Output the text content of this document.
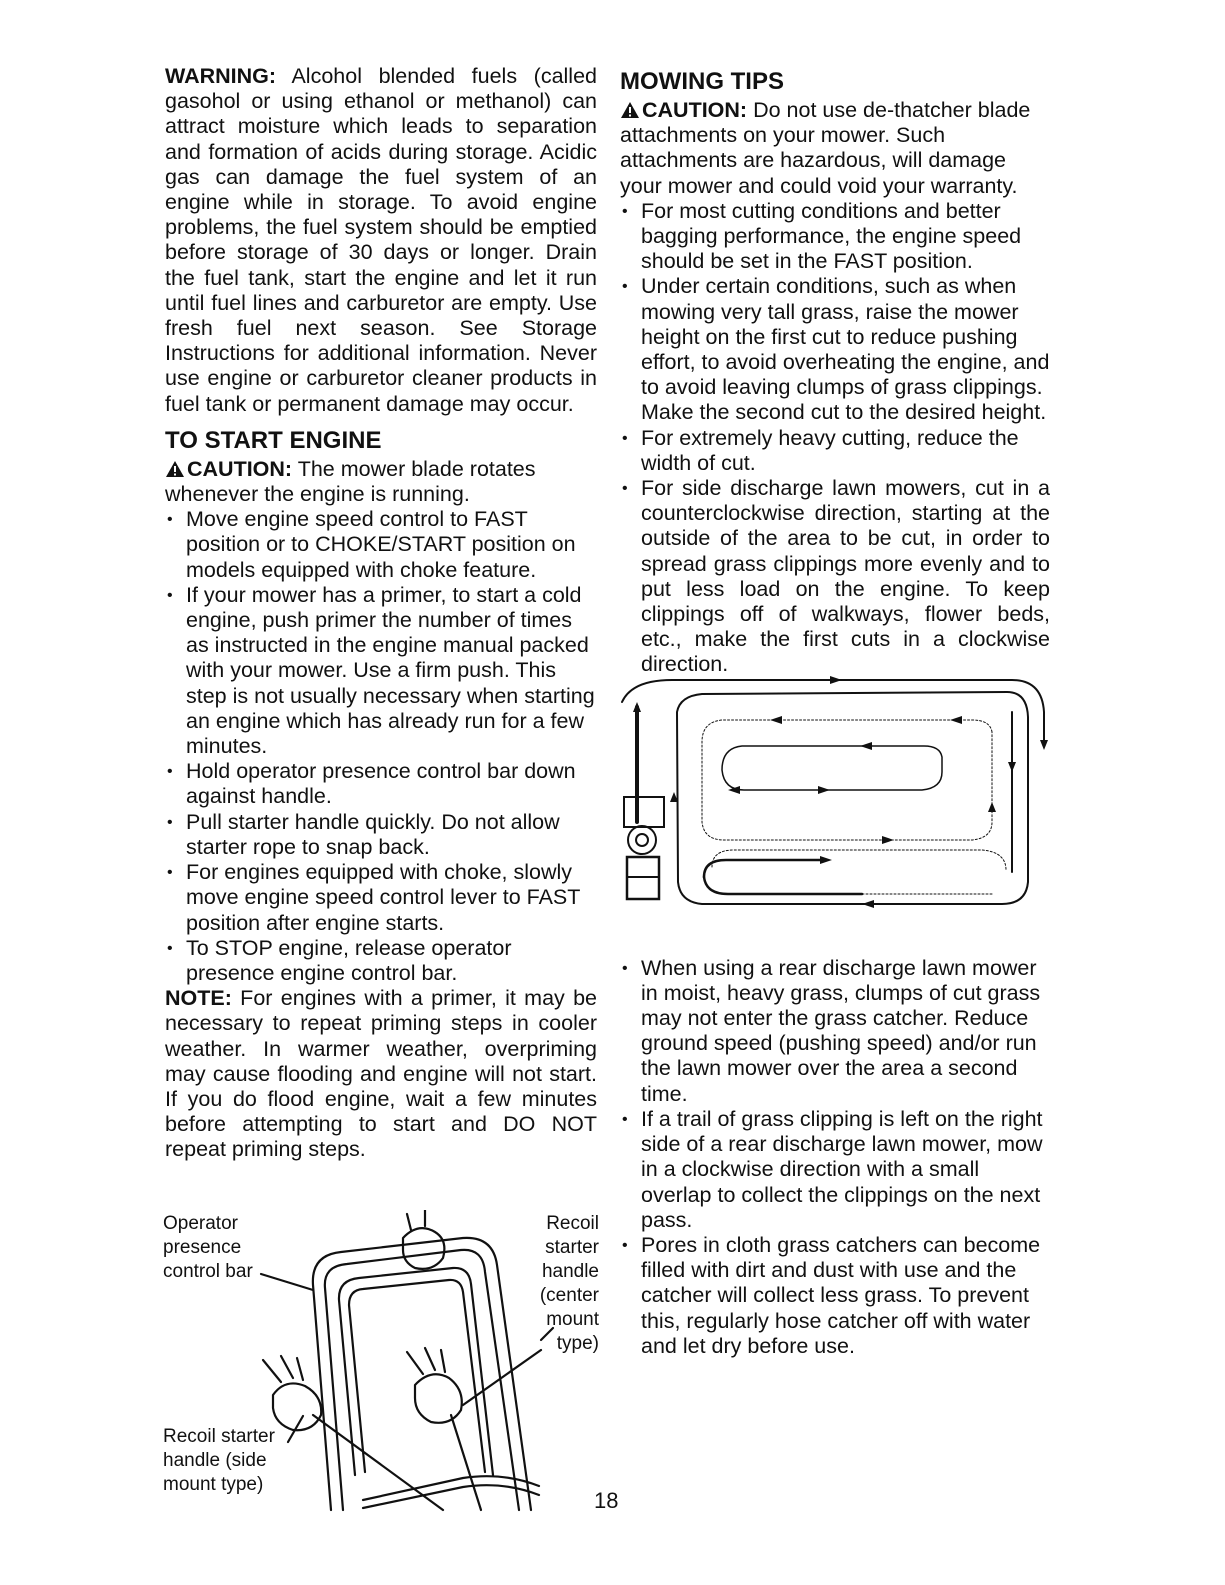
WARNING: Alcohol blended fuels (called gasohol or using ethanol or methanol) can attract moisture which leads to separation and formation of acids during storage. Acidic gas can damage the fuel system of an engine while in storage. To avoid engine problems, the fuel system should be emptied before storage of 30 days or longer. Drain the fuel tank, start the engine and let it run until fuel lines and carburetor are empty. Use fresh fuel next season. See Storage Instructions for additional information. Never use engine or carburetor cleaner products in fuel tank or permanent damage may occur.

TO START ENGINE

CAUTION: The mower blade rotates whenever the engine is running.

• Move engine speed control to FAST position or to CHOKE/START position on models equipped with choke feature.
• If your mower has a primer, to start a cold engine, push primer the number of times as instructed in the engine manual packed with your mower. Use a firm push. This step is not usually necessary when starting an engine which has already run for a few minutes.
• Hold operator presence control bar down against handle.
• Pull starter handle quickly. Do not allow starter rope to snap back.
• For engines equipped with choke, slowly move engine speed control lever to FAST position after engine starts.
• To STOP engine, release operator presence engine control bar.

NOTE: For engines with a primer, it may be necessary to repeat priming steps in cooler weather. In warmer weather, overpriming may cause flooding and engine will not start. If you do flood engine, wait a few minutes before attempting to start and DO NOT repeat priming steps.

Operator presence control bar

Recoil starter handle (center mount type)

Recoil starter handle (side mount type)

MOWING TIPS

CAUTION: Do not use de-thatcher blade attachments on your mower. Such attachments are hazardous, will damage your mower and could void your warranty.

• For most cutting conditions and better bagging performance, the engine speed should be set in the FAST position.
• Under certain conditions, such as when mowing very tall grass, raise the mower height on the first cut to reduce pushing effort, to avoid overheating the engine, and to avoid leaving clumps of grass clippings. Make the second cut to the desired height.
• For extremely heavy cutting, reduce the width of cut.
• For side discharge lawn mowers, cut in a counterclockwise direction, starting at the outside of the area to be cut, in order to spread grass clippings more evenly and to put less load on the engine. To keep clippings off of walkways, flower beds, etc., make the first cuts in a clockwise direction.
• When using a rear discharge lawn mower in moist, heavy grass, clumps of cut grass may not enter the grass catcher. Reduce ground speed (pushing speed) and/or run the lawn mower over the area a second time.
• If a trail of grass clipping is left on the right side of a rear discharge lawn mower, mow in a clockwise direction with a small overlap to collect the clippings on the next pass.
• Pores in cloth grass catchers can become filled with dirt and dust with use and the catcher will collect less grass. To prevent this, regularly hose catcher off with water and let dry before use.

18
